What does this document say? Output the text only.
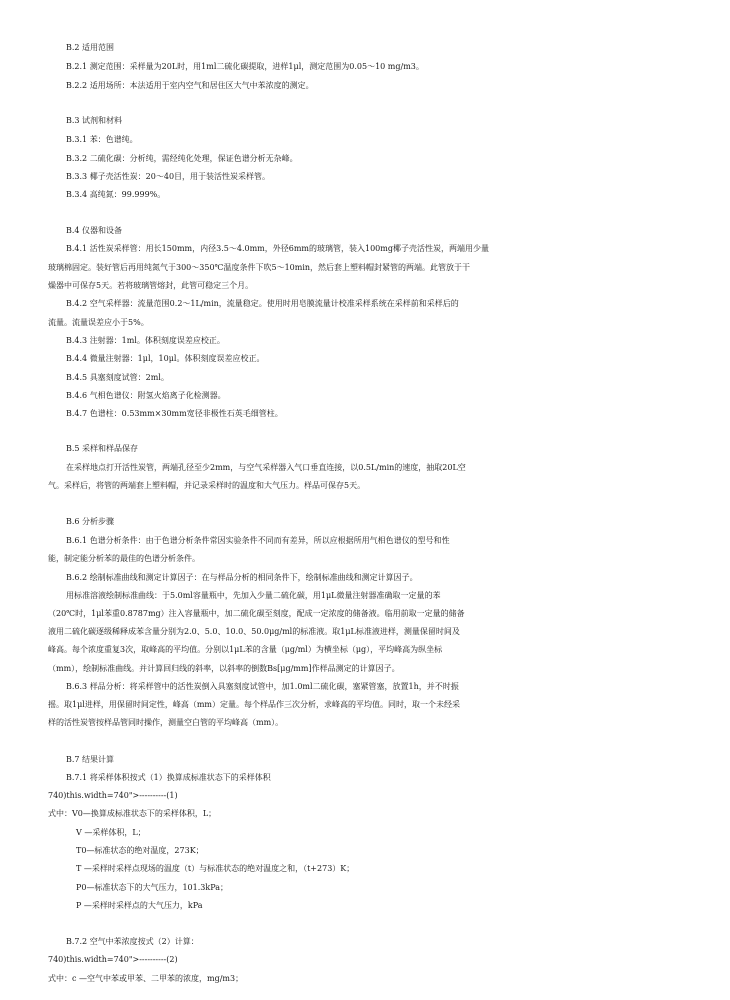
B.2 适用范围
B.2.1 测定范围：采样量为20L时，用1ml二硫化碳提取，进样1μl，测定范围为0.05～10 mg/m3。
B.2.2 适用场所：本法适用于室内空气和居住区大气中苯浓度的测定。
B.3 试剂和材料
B.3.1 苯：色谱纯。
B.3.2 二硫化碳：分析纯，需经纯化处理，保证色谱分析无杂峰。
B.3.3 椰子壳活性炭：20～40目，用于装活性炭采样管。
B.3.4 高纯氮：99.999%。
B.4 仪器和设备
B.4.1 活性炭采样管：用长150mm，内径3.5～4.0mm，外径6mm的玻璃管，装入100mg椰子壳活性炭，两端用少量
玻璃棉固定。装好管后再用纯氮气于300～350℃温度条件下吹5～10min，然后套上塑料帽封紧管的两端。此管放于干
燥器中可保存5天。若将玻璃管熔封，此管可稳定三个月。
B.4.2 空气采样器：流量范围0.2～1L/min，流量稳定。使用时用皂膜流量计校准采样系统在采样前和采样后的
流量。流量误差应小于5%。
B.4.3 注射器：1ml。体积刻度误差应校正。
B.4.4 微量注射器：1μl，10μl。体积刻度误差应校正。
B.4.5 具塞刻度试管：2ml。
B.4.6 气相色谱仪：附氢火焰离子化检测器。
B.4.7 色谱柱：0.53mm×30mm宽径非极性石英毛细管柱。
B.5 采样和样品保存
在采样地点打开活性炭管，两端孔径至少2mm，与空气采样器入气口垂直连接，以0.5L/min的速度，抽取20L空
气。采样后，将管的两端套上塑料帽，并记录采样时的温度和大气压力。样品可保存5天。
B.6 分析步骤
B.6.1 色谱分析条件：由于色谱分析条件常因实验条件不同而有差异，所以应根据所用气相色谱仪的型号和性
能，制定能分析苯的最佳的色谱分析条件。
B.6.2 绘制标准曲线和测定计算因子：在与样品分析的相同条件下，绘制标准曲线和测定计算因子。
用标准溶液绘制标准曲线：于5.0ml容量瓶中，先加入少量二硫化碳，用1μL微量注射器准确取一定量的苯
（20℃时，1μl苯重0.8787mg）注入容量瓶中，加二硫化碳至刻度，配成一定浓度的储备液。临用前取一定量的储备
液用二硫化碳逐级稀释成苯含量分别为2.0、5.0、10.0、50.0μg/ml的标准液。取1μL标准液进样，测量保留时间及
峰高。每个浓度重复3次，取峰高的平均值。分别以1μL苯的含量（μg/ml）为横坐标（μg），平均峰高为纵坐标
（mm），绘制标准曲线。并计算回归线的斜率，以斜率的倒数Bs[μg/mm]作样品测定的计算因子。
B.6.3 样品分析：将采样管中的活性炭倒入具塞刻度试管中，加1.0ml二硫化碳，塞紧管塞，放置1h，并不时振
摇。取1μl进样，用保留时间定性，峰高（mm）定量。每个样品作三次分析，求峰高的平均值。同时，取一个未经采
样的活性炭管按样品管同时操作，测量空白管的平均峰高（mm）。
B.7 结果计算
B.7.1 将采样体积按式（1）换算成标准状态下的采样体积
740)this.width=740">----------(1)
式中：V0—换算成标准状态下的采样体积，L；
V —采样体积，L；
T0—标准状态的绝对温度，273K；
T —采样时采样点现场的温度（t）与标准状态的绝对温度之和，（t+273）K；
P0—标准状态下的大气压力，101.3kPa；
P —采样时采样点的大气压力，kPa
B.7.2 空气中苯浓度按式（2）计算：
740)this.width=740">----------(2)
式中：c —空气中苯或甲苯、二甲苯的浓度，mg/m3；
